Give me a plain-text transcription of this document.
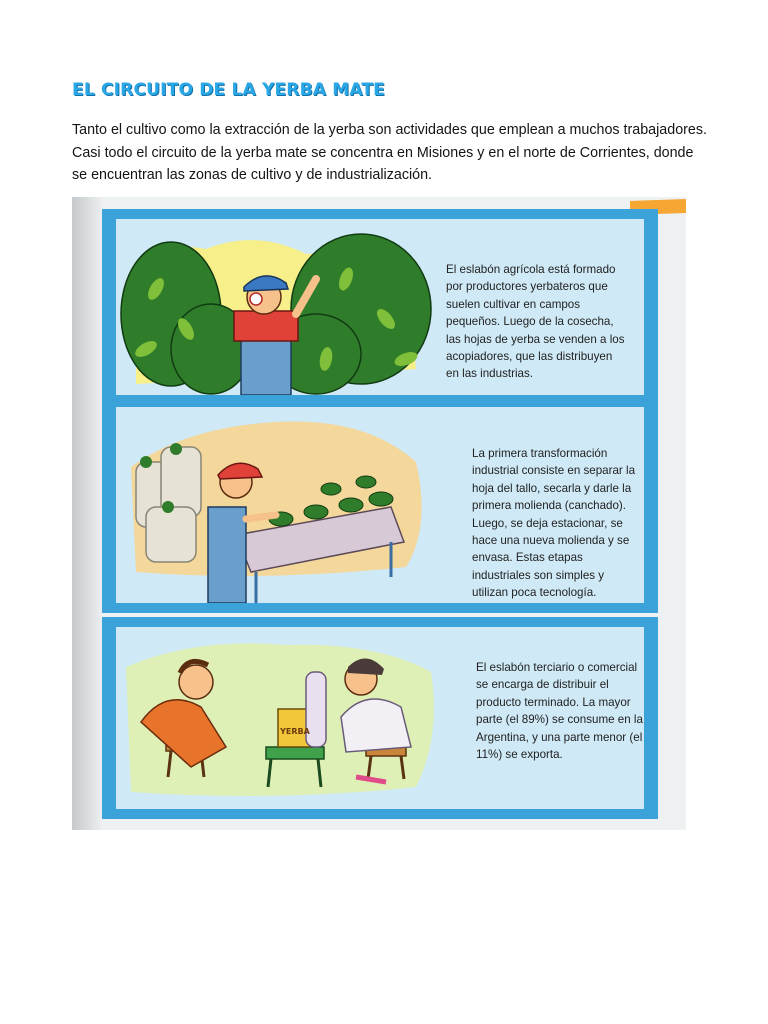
EL CIRCUITO DE LA YERBA MATE

Tanto el cultivo como la extracción de la yerba son actividades que emplean a muchos trabajadores. Casi todo el circuito de la yerba mate se concentra en Misiones y en el norte de Corrientes, donde se encuentran las zonas de cultivo y de industrialización.

El eslabón agrícola está formado por productores yerbateros que suelen cultivar en campos pequeños. Luego de la cosecha, las hojas de yerba se venden a los acopiadores, que las distribuyen en las industrias.

La primera transformación industrial consiste en separar la hoja del tallo, secarla y darle la primera molienda (canchado). Luego, se deja estacionar, se hace una nueva molienda y se envasa. Estas etapas industriales son simples y utilizan poca tecnología.

YERBA

El eslabón terciario o comercial se encarga de distribuir el producto terminado. La mayor parte (el 89%) se consume en la Argentina, y una parte menor (el 11%) se exporta.
